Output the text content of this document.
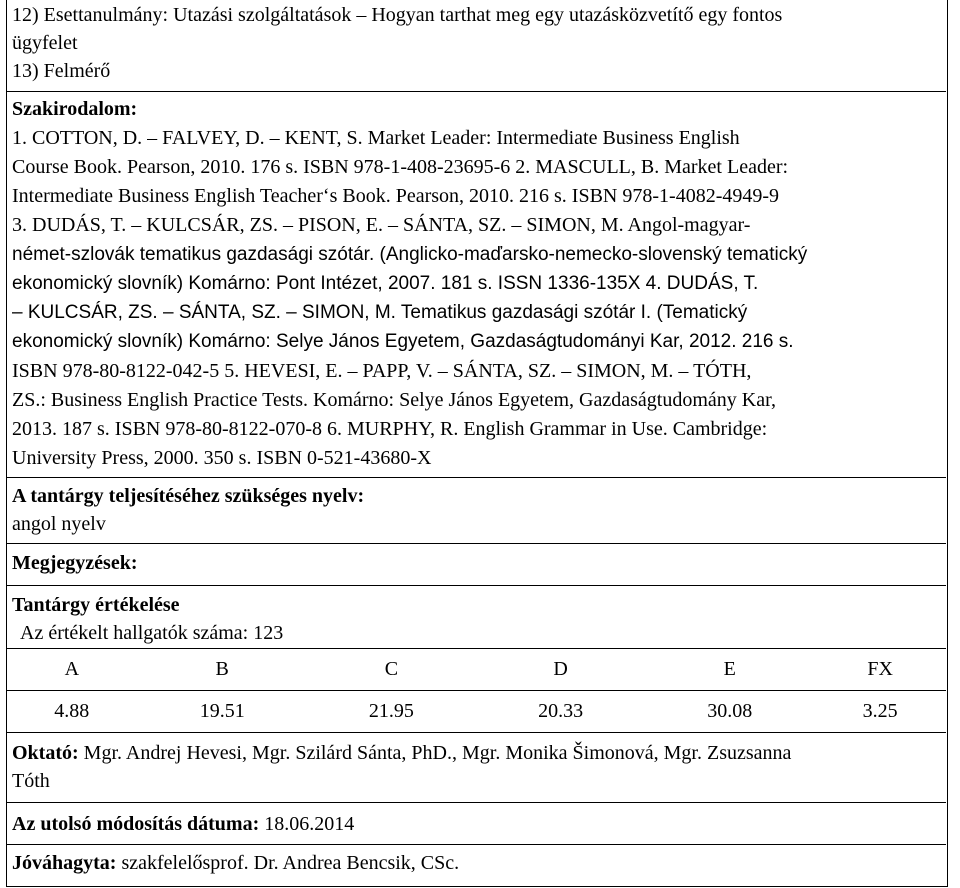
12) Esettanulmány: Utazási szolgáltatások – Hogyan tarthat meg egy utazásközvetítő egy fontos
ügyfelet
13) Felmérő
Szakirodalom:
1. COTTON, D. – FALVEY, D. – KENT, S. Market Leader: Intermediate Business English
Course Book. Pearson, 2010. 176 s. ISBN 978-1-408-23695-6 2. MASCULL, B. Market Leader:
Intermediate Business English Teacher‘s Book. Pearson, 2010. 216 s. ISBN 978-1-4082-4949-9
3. DUDÁS, T. – KULCSÁR, ZS. – PISON, E. – SÁNTA, SZ. – SIMON, M. Angol-magyar-
német-szlovák tematikus gazdasági szótár. (Anglicko-maďarsko-nemecko-slovenský tematický
ekonomický slovník) Komárno: Pont Intézet, 2007. 181 s. ISSN 1336-135X 4. DUDÁS, T.
– KULCSÁR, ZS. – SÁNTA, SZ. – SIMON, M. Tematikus gazdasági szótár I. (Tematický
ekonomický slovník) Komárno: Selye János Egyetem, Gazdaságtudományi Kar, 2012. 216 s.
ISBN 978-80-8122-042-5 5. HEVESI, E. – PAPP, V. – SÁNTA, SZ. – SIMON, M. – TÓTH,
ZS.: Business English Practice Tests. Komárno: Selye János Egyetem, Gazdaságtudomány Kar,
2013. 187 s. ISBN 978-80-8122-070-8 6. MURPHY, R. English Grammar in Use. Cambridge:
University Press, 2000. 350 s. ISBN 0-521-43680-X
A tantárgy teljesítéséhez szükséges nyelv:
angol nyelv
Megjegyzések:
Tantárgy értékelése
Az értékelt hallgatók száma: 123
A	B	C	D	E	FX
4.88	19.51	21.95	20.33	30.08	3.25
Oktató: Mgr. Andrej Hevesi, Mgr. Szilárd Sánta, PhD., Mgr. Monika Šimonová, Mgr. Zsuzsanna
Tóth
Az utolsó módosítás dátuma: 18.06.2014
Jóváhagyta: szakfelelősprof. Dr. Andrea Bencsik, CSc.
